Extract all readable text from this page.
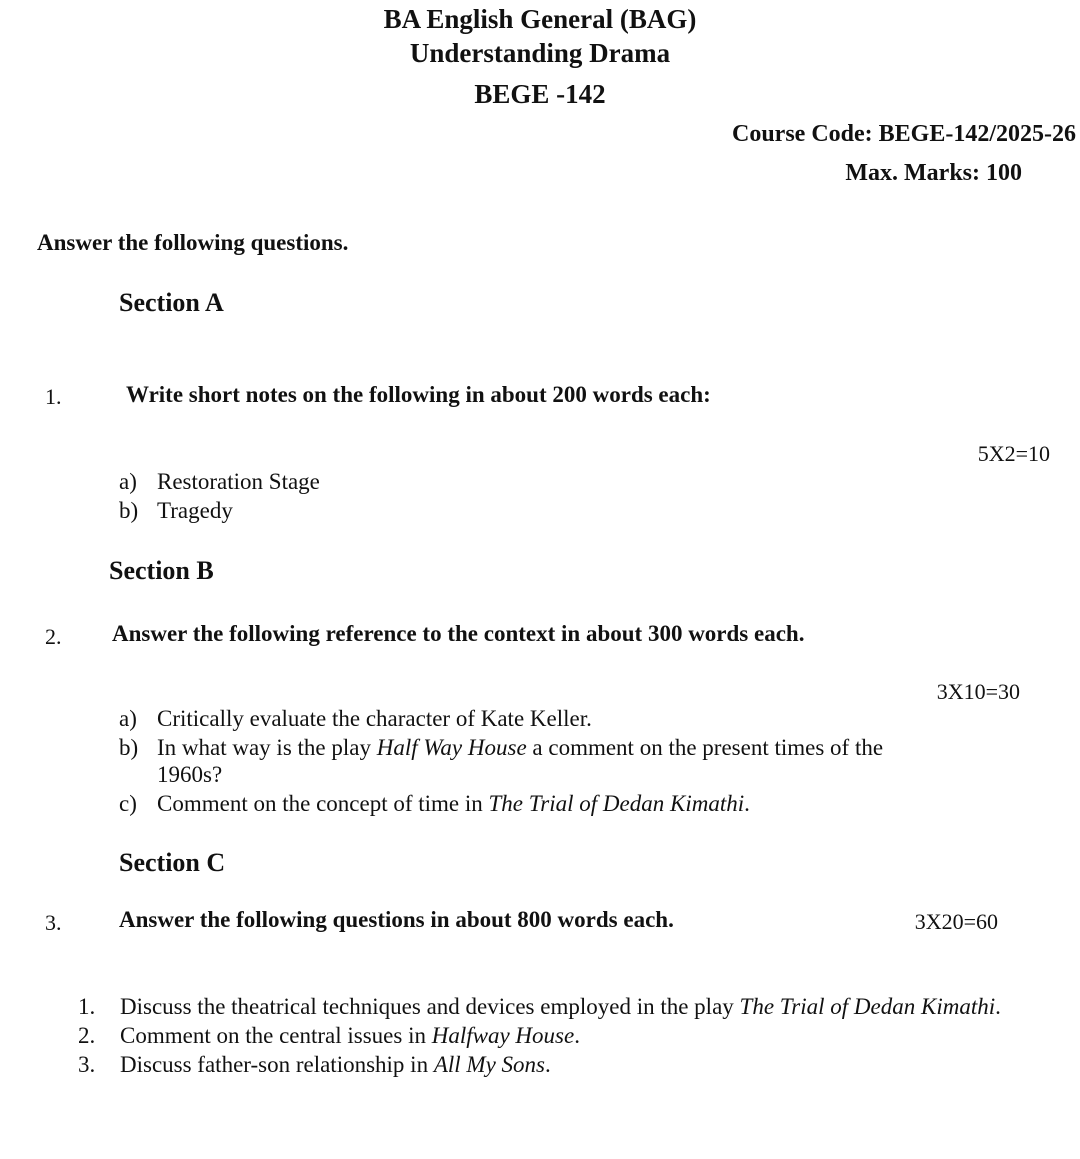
BA English General (BAG)
Understanding Drama
BEGE -142
Course Code: BEGE-142/2025-26
Max. Marks: 100
Answer the following questions.
Section A
1.	Write short notes on the following in about 200 words each:
5X2=10
a) Restoration Stage
b) Tragedy
Section B
2. Answer the following reference to the context in about 300 words each.
3X10=30
a) Critically evaluate the character of Kate Keller.
b) In what way is the play Half Way House a comment on the present times of the
1960s?
c) Comment on the concept of time in The Trial of Dedan Kimathi.
Section C
3.	Answer the following questions in about 800 words each.	3X20=60
1. Discuss the theatrical techniques and devices employed in the play The Trial of Dedan Kimathi.
2. Comment on the central issues in Halfway House.
3. Discuss father-son relationship in All My Sons.
